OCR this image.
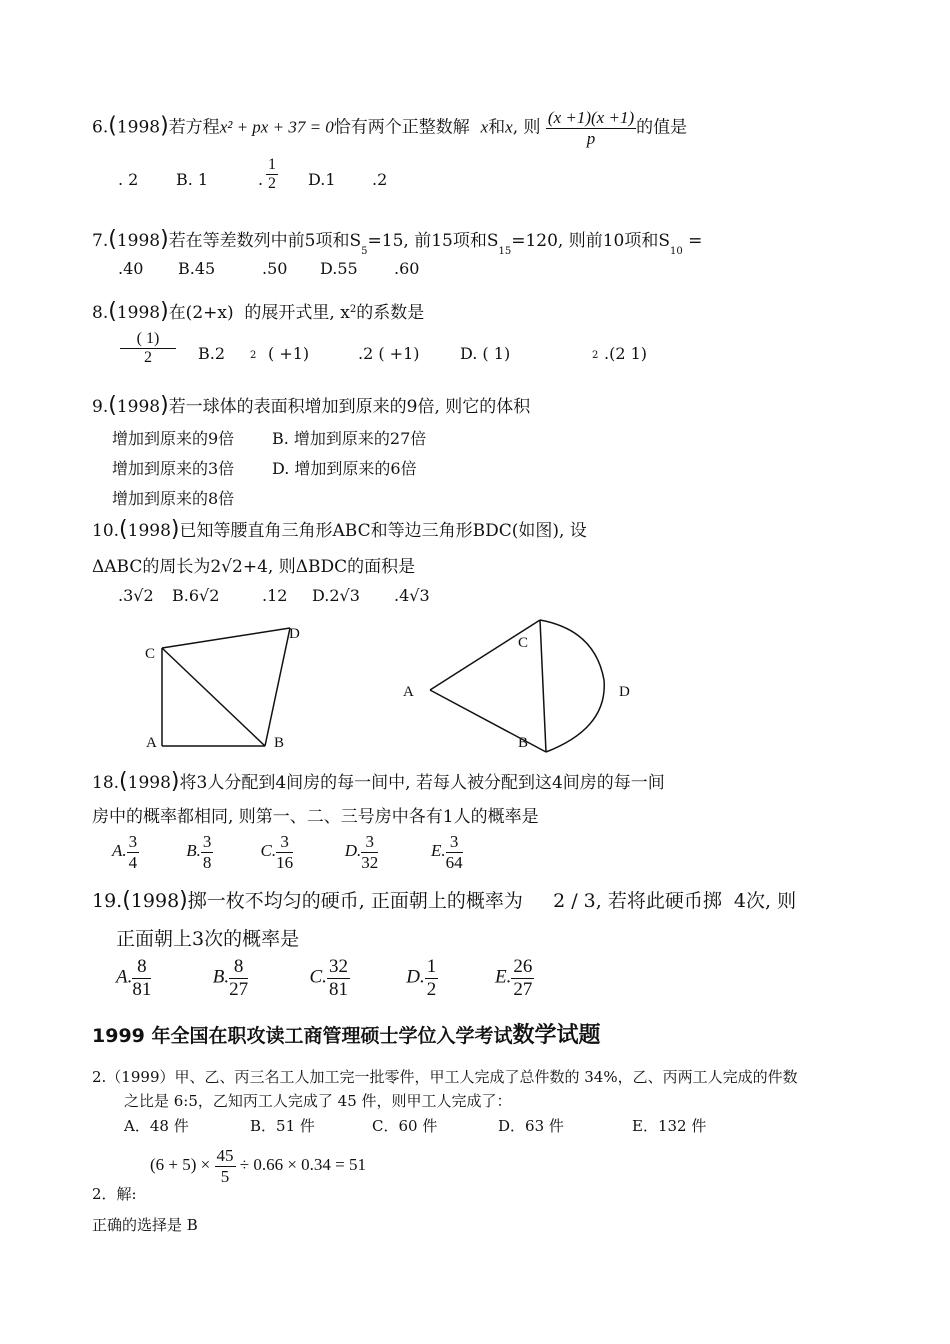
6.(1998)若方程x² + px + 37 = 0恰有两个正整数解 x和x, 则 $\frac{(x +1)(x +1)}{p}$ 的值是
. 2 B. 1	. $\frac{1}{2} D.1$ .2
7.(1998)若在等差数列中前5项和$S_5=15$, 前15项和$S_{15}=120$, 则前10项和$S_{10}$ =
.40 B.45	.50 D.55 .60
8.(1998)在(2+x) 的展开式里, $x^2$的系数是
$\frac{( 1)}{2} B.2$ 2 ( +1)	.2 ( +1)	D. ( 1)	2 .(2 1)
9.(1998)若一球体的表面积增加到原来的9倍, 则它的体积
增加到原来的9倍 B. 增加到原来的27倍
增加到原来的3倍 D. 增加到原来的6倍
增加到原来的8倍
10.(1998)已知等腰直角三角形ABC和等边三角形BDC(如图), 设
ΔABC的周长为2√2+4, 则ΔBDC的面积是
.3√2 B.6√2	.12 D.2√3 .4√3
C
D
A	B
C
A	D
B
18.(1998)将3人分配到4间房的每一间中, 若每人被分配到这4间房的每一间
房中的概率都相同, 则第一、二、三号房中各有1人的概率是
A. $\frac{3}{4}$	B. $\frac{3}{8}$	C. $\frac{3}{16}$	D. $\frac{3}{32}$	E. $\frac{3}{64}$
19.(1998)掷一枚不均匀的硬币, 正面朝上的概率为 2 / 3, 若将此硬币掷 4次, 则
正面朝上3次的概率是
A. $\frac{8}{81}$	B. $\frac{8}{27}$	C. $\frac{32}{81}$	D. $\frac{1}{2}$	E. $\frac{26}{27}$
1999 年全国在职攻读工商管理硕士学位入学考试数学试题
2.（1999）甲、乙、丙三名工人加工完一批零件，甲工人完成了总件数的 34%，乙、丙两工人完成的件数
之比是 6:5，乙知丙工人完成了 45 件，则甲工人完成了：
A．48 件	B．51 件	C．60 件	D．63 件	E．132 件
$(6 + 5) \times \frac{45}{5} \div 0.66 \times 0.34 = 51$
2．解:
正确的选择是 B
